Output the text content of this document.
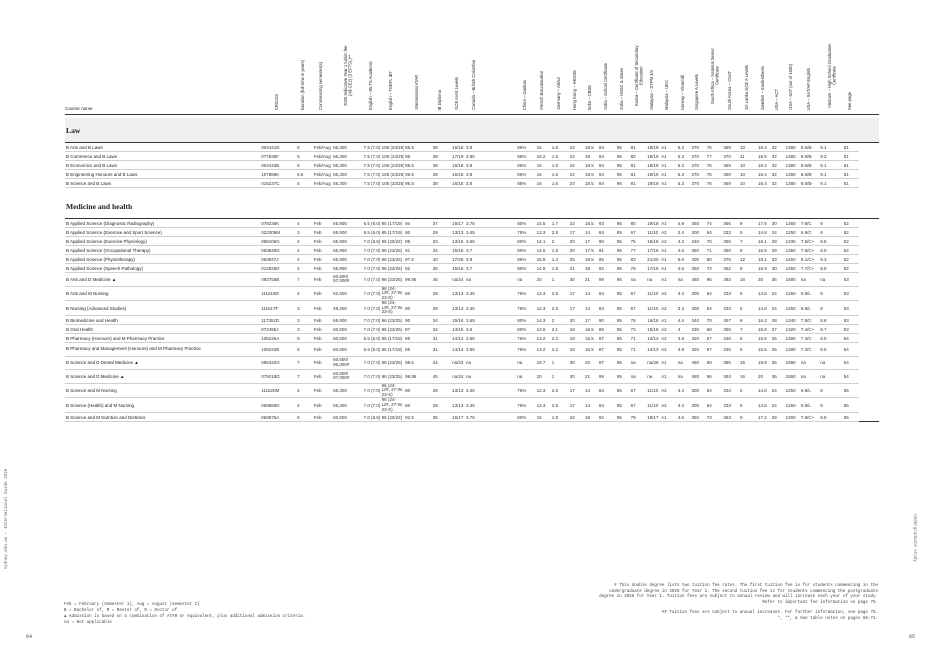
sydney.edu.au — International Guide 2026	Undergraduate study
Course name	CRICOS	Duration (full-time in years)	Commencing semester(s)	2026 Indicative Year 1 tuition fee (A$ CE2) (3 EFTSL)**	English – IELTS Academic	English – TOEFL iBT	International ATAR	IB Diploma	GCE A/AS Levels	Canada – British Columbia		China – Gaokao	French Baccalauréat	Germany – Abitur	Hong Kong – HKDSE	India – CBSE	India – School Certificate	India – HSSC & states	Korea – Certificate of Secondary Education	Malaysia – STPM 3/4	Malaysia – UEC	Norway – Vitnemål	Singapore A Levels	South Africa – National Senior Certificate	South Korea – CSAT	Sri Lanka GCE A Levels	Sweden – Studentbevis	USA – ACT	USA – SAT (out of 1600)	USA – SAT/AP English	Vietnam – High School Graduation Certificate	See page	

Law																																	
B Arts and B Laws	004441D	5	Feb/Aug	56,300	7.5 (7.0)	105 (23/25)	95.5	38	16/18	3.8		85%	16	1.6	24	18.5	94	95	81	19/19	A1	5.3	370	76	369	10	18.4	32	1380	8.5/B-	9.1	51	
B Commerce and B Laws	077835F	5	Feb/Aug	56,300	7.5 (7.0)	105 (23/25)	96	38	17/19	3.85		85%	16.2	1.5	24	19	94	96	82	19/19	A1	5.3	370	77	370	11	18.5	32	1380	8.5/B-	9.2	51	
B Economics and B Laws	004443B	5	Feb/Aug	56,300	7.5 (7.0)	105 (23/25)	95.5	38	16/18	3.8		85%	16	1.6	24	18.5	94	95	81	19/19	A1	5.3	370	76	369	10	18.4	32	1380	8.5/B-	9.1	51	
B Engineering Honours and B Laws	107886K	6.5	Feb/Aug	56,300	7.5 (7.0)	105 (23/25)	95.5	38	16/18	3.8		85%	16	1.6	24	18.5	94	95	81	19/19	A1	5.3	370	76	369	10	18.4	32	1380	8.5/B-	9.1	51	
B Science and B Laws	016237C	5	Feb/Aug	56,300	7.5 (7.0)	105 (23/25)	95.5	38	16/18	3.8		85%	16	1.6	24	18.5	94	95	81	19/19	A1	5.3	370	76	369	10	18.4	32	1380	8.5/B-	9.1	51	

Medicine and health																																	
B Applied Science (Diagnostic Radiography)	079235K	4	Feb	65,900	6.5 (6.0)	85 (17/19)	94	37	16/17	3.75		80%	15.5	1.7	22	18.5	93	95	80	19/18	A1	4.8	360	74	366	9	17.6	30	1360	7.8/C	9	52	
B Applied Science (Exercise and Sport Science)	022306M	3	Feb	65,900	6.5 (6.0)	85 (17/19)	80	29	13/13	3.45		75%	12.3	2.5	17	14	84	85	67	11/10	A2	3.4	300	64	333	5	14.8	24	1250	6.9/C	8	52	
B Applied Science (Exercise Physiology)	088106G	4	Feb	65,900	7.0 (6.5)	96 (20/22)	89	33	13/16	3.65		80%	14.1	2	20	17	90	85	75	16/15	A2	4.2	340	70	355	7	16.1	28	1330	7.5/C+	8.8	52	
B Applied Science (Occupational Therapy)	063849G	4	Feb	65,900	7.0 (7.0)	96 (23/25)	91	34	15/16	3.7		80%	14.6	1.9	20	17.5	91	95	77	17/16	A1	4.6	350	71	360	8	16.5	29	1350	7.6/C+	8.9	52	
B Applied Science (Physiotherapy)	063847J	4	Feb	65,900	7.0 (7.0)	96 (23/25)	97.5	40	17/20	3.9		85%	16.9	1.4	25	19.5	95	95	83	21/20	A1	5.5	400	80	375	12	19.1	33	1450	9.1/C+	9.3	52	
B Applied Science (Speech Pathology)	012825D	4	Feb	65,900	7.0 (7.0)	96 (23/25)	92	35	15/16	3.7		80%	14.8	1.8	21	18	92	95	78	17/16	A1	4.6	350	72	362	9	16.9	30	1350	7.7/C+	8.9	52	
B Arts and D Medicine ▲	093755B	7	Feb	60,600/ 97,000#	7.0 (7.0)	96 (23/25)	99.95	45	na/24	na		na	20	1	30	21	99	95	na	na	A1	na	480	96	393	16	20	36	1590	na	na	53	
B Arts and M Nursing	111619D	4	Feb	52,500	7.0 (7.0)	96 (24-L/R, 27-W, 23-S)	80	29	13/13	3.45		75%	12.3	2.5	17	14	84	85	67	11/10	A2	3.4	300	64	333	5	14.8	24	1250	6.9/L	8	53	
B Nursing (Advanced Studies)	111617F	3	Feb	49,200	7.0 (7.0)	96 (24-L/R, 27-W, 23-S)	80	29	13/13	3.45		75%	12.3	2.5	17	14	84	85	67	11/10	A2	3.4	300	64	333	5	14.8	24	1250	6.9/L	8	53	
B Biomedicine and Health	117352D	3	Feb	65,900	7.0 (7.0)	96 (23/25)	90	34	15/16	3.65		80%	14.3	2	20	17	90	95	76	16/16	A1	4.4	340	70	357	8	16.2	28	1340	7.5/C	8.8	53	
B Oral Health	072495J	3	Feb	60,600	7.0 (7.0)	96 (23/25)	87	32	14/15	3.6		80%	13.6	2.1	19	16.5	89	85	73	15/15	A2	4	330	68	350	7	15.8	27	1320	7.4/C+	8.7	53	
B Pharmacy (Honours) and M Pharmacy Practice	105225A	5	Feb	60,600	6.5 (6.0)	85 (17/19)	85	31	14/14	3.55		75%	13.2	2.2	19	15.5	87	85	71	14/13	A2	3.8	320	67	346	6	15.5	26	1300	7.3/C	8.5	54	
B Pharmacy and Management (Honours) and M Pharmacy Practice	105222B	6	Feb	60,600	6.5 (6.0)	85 (17/19)	85	31	14/14	3.55		75%	13.2	2.2	19	15.5	87	85	71	14/13	A2	3.8	320	67	346	6	15.5	26	1300	7.3/C	8.5	54	
B Science and D Dental Medicine ▲	085342G	7	Feb	60,600/ 95,000#	7.0 (7.0)	96 (23/25)	99.6	44	na/23	na		na	18.7	1	30	20	97	95	na	na/28	A1	na	460	88	385	15	19.9	36	1590	na	na	54	
B Science and D Medicine ▲	079218G	7	Feb	60,600/ 97,000#	7.0 (7.0)	96 (23/25)	99.95	45	na/24	na		na	20	1	30	21	99	95	na	na	A1	na	480	96	393	16	20	36	1590	na	na	54	
B Science and M Nursing	111620M	4	Feb	56,300	7.0 (7.0)	96 (24-L/R, 27-W, 23-S)	80	29	13/13	3.45		75%	12.3	2.5	17	14	84	85	67	11/10	A2	3.4	300	64	333	5	14.8	24	1250	6.9/L	8	55	
B Science (Health) and M Nursing	069880D	4	Feb	56,300	7.0 (7.0)	96 (24-L/R, 27-W, 23-S)	80	29	13/13	3.45		75%	12.3	2.5	17	14	84	85	67	11/10	A2	3.4	300	64	333	5	14.8	24	1250	6.9/L	8	55	
B Science and M Nutrition and Dietetics	069875A	5	Feb	60,600	7.0 (6.5)	96 (20/22)	92.5	35	16/17	3.75		80%	15	1.8	22	18	92	95	79	18/17	A1	4.6	350	73	363	9	17.2	29	1300	7.8/C+	8.9	55	

Feb = February (Semester 1), Aug = August (Semester 2)
B = Bachelor of, M = Master of, D = Doctor of
▲ Admission is based on a combination of ATAR or equivalent, plus additional admission criteria.
na = Not applicable
# This double degree lists two tuition fee rates. The first tuition fee is for students commencing in the
undergraduate degree in 2026 for Year 1. The second tuition fee is for students commencing the postgraduate
degree in 2026 for Year 1. Tuition fees are subject to annual review and will increase each year of your study.
Refer to important fee information on page 75.
## Tuition fees are subject to annual increases. For further information, see page 75.
*, **, ∆ See table notes on pages 68-71.
64	65
